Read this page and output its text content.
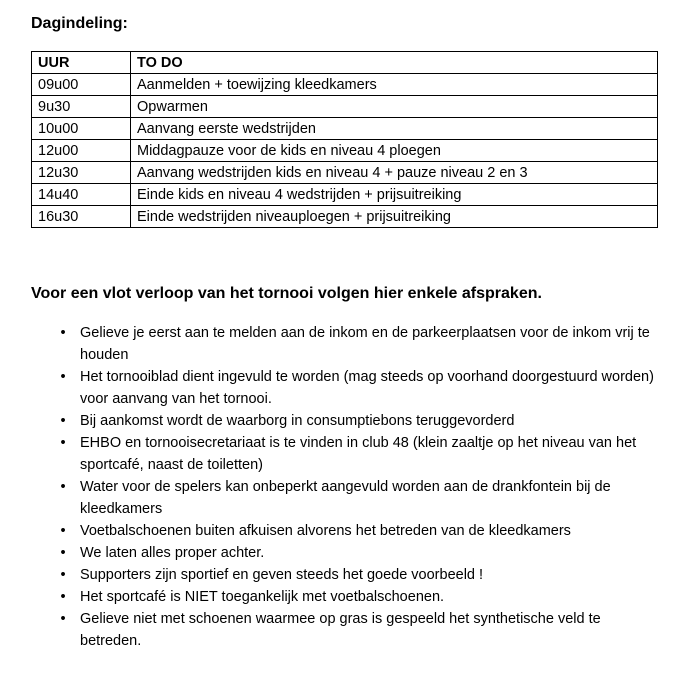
Dagindeling:
UUR	TO DO
09u00	Aanmelden + toewijzing kleedkamers
9u30	Opwarmen
10u00	Aanvang eerste wedstrijden
12u00	Middagpauze voor de kids en niveau 4 ploegen
12u30	Aanvang wedstrijden kids en niveau 4 + pauze niveau 2 en 3
14u40	Einde kids en niveau 4 wedstrijden + prijsuitreiking
16u30	Einde wedstrijden niveauploegen + prijsuitreiking
Voor een vlot verloop van het tornooi volgen hier enkele afspraken.
• Gelieve je eerst aan te melden aan de inkom en de parkeerplaatsen voor de inkom vrij te houden
• Het tornooiblad dient ingevuld te worden (mag steeds op voorhand doorgestuurd worden) voor aanvang van het tornooi.
• Bij aankomst wordt de waarborg in consumptiebons teruggevorderd
• EHBO en tornooisecretariaat is te vinden in club 48 (klein zaaltje op het niveau van het sportcafé, naast de toiletten)
• Water voor de spelers kan onbeperkt aangevuld worden aan de drankfontein bij de kleedkamers
• Voetbalschoenen buiten afkuisen alvorens het betreden van de kleedkamers
• We laten alles proper achter.
• Supporters zijn sportief en geven steeds het goede voorbeeld !
• Het sportcafé is NIET toegankelijk met voetbalschoenen.
• Gelieve niet met schoenen waarmee op gras is gespeeld het synthetische veld te betreden.
